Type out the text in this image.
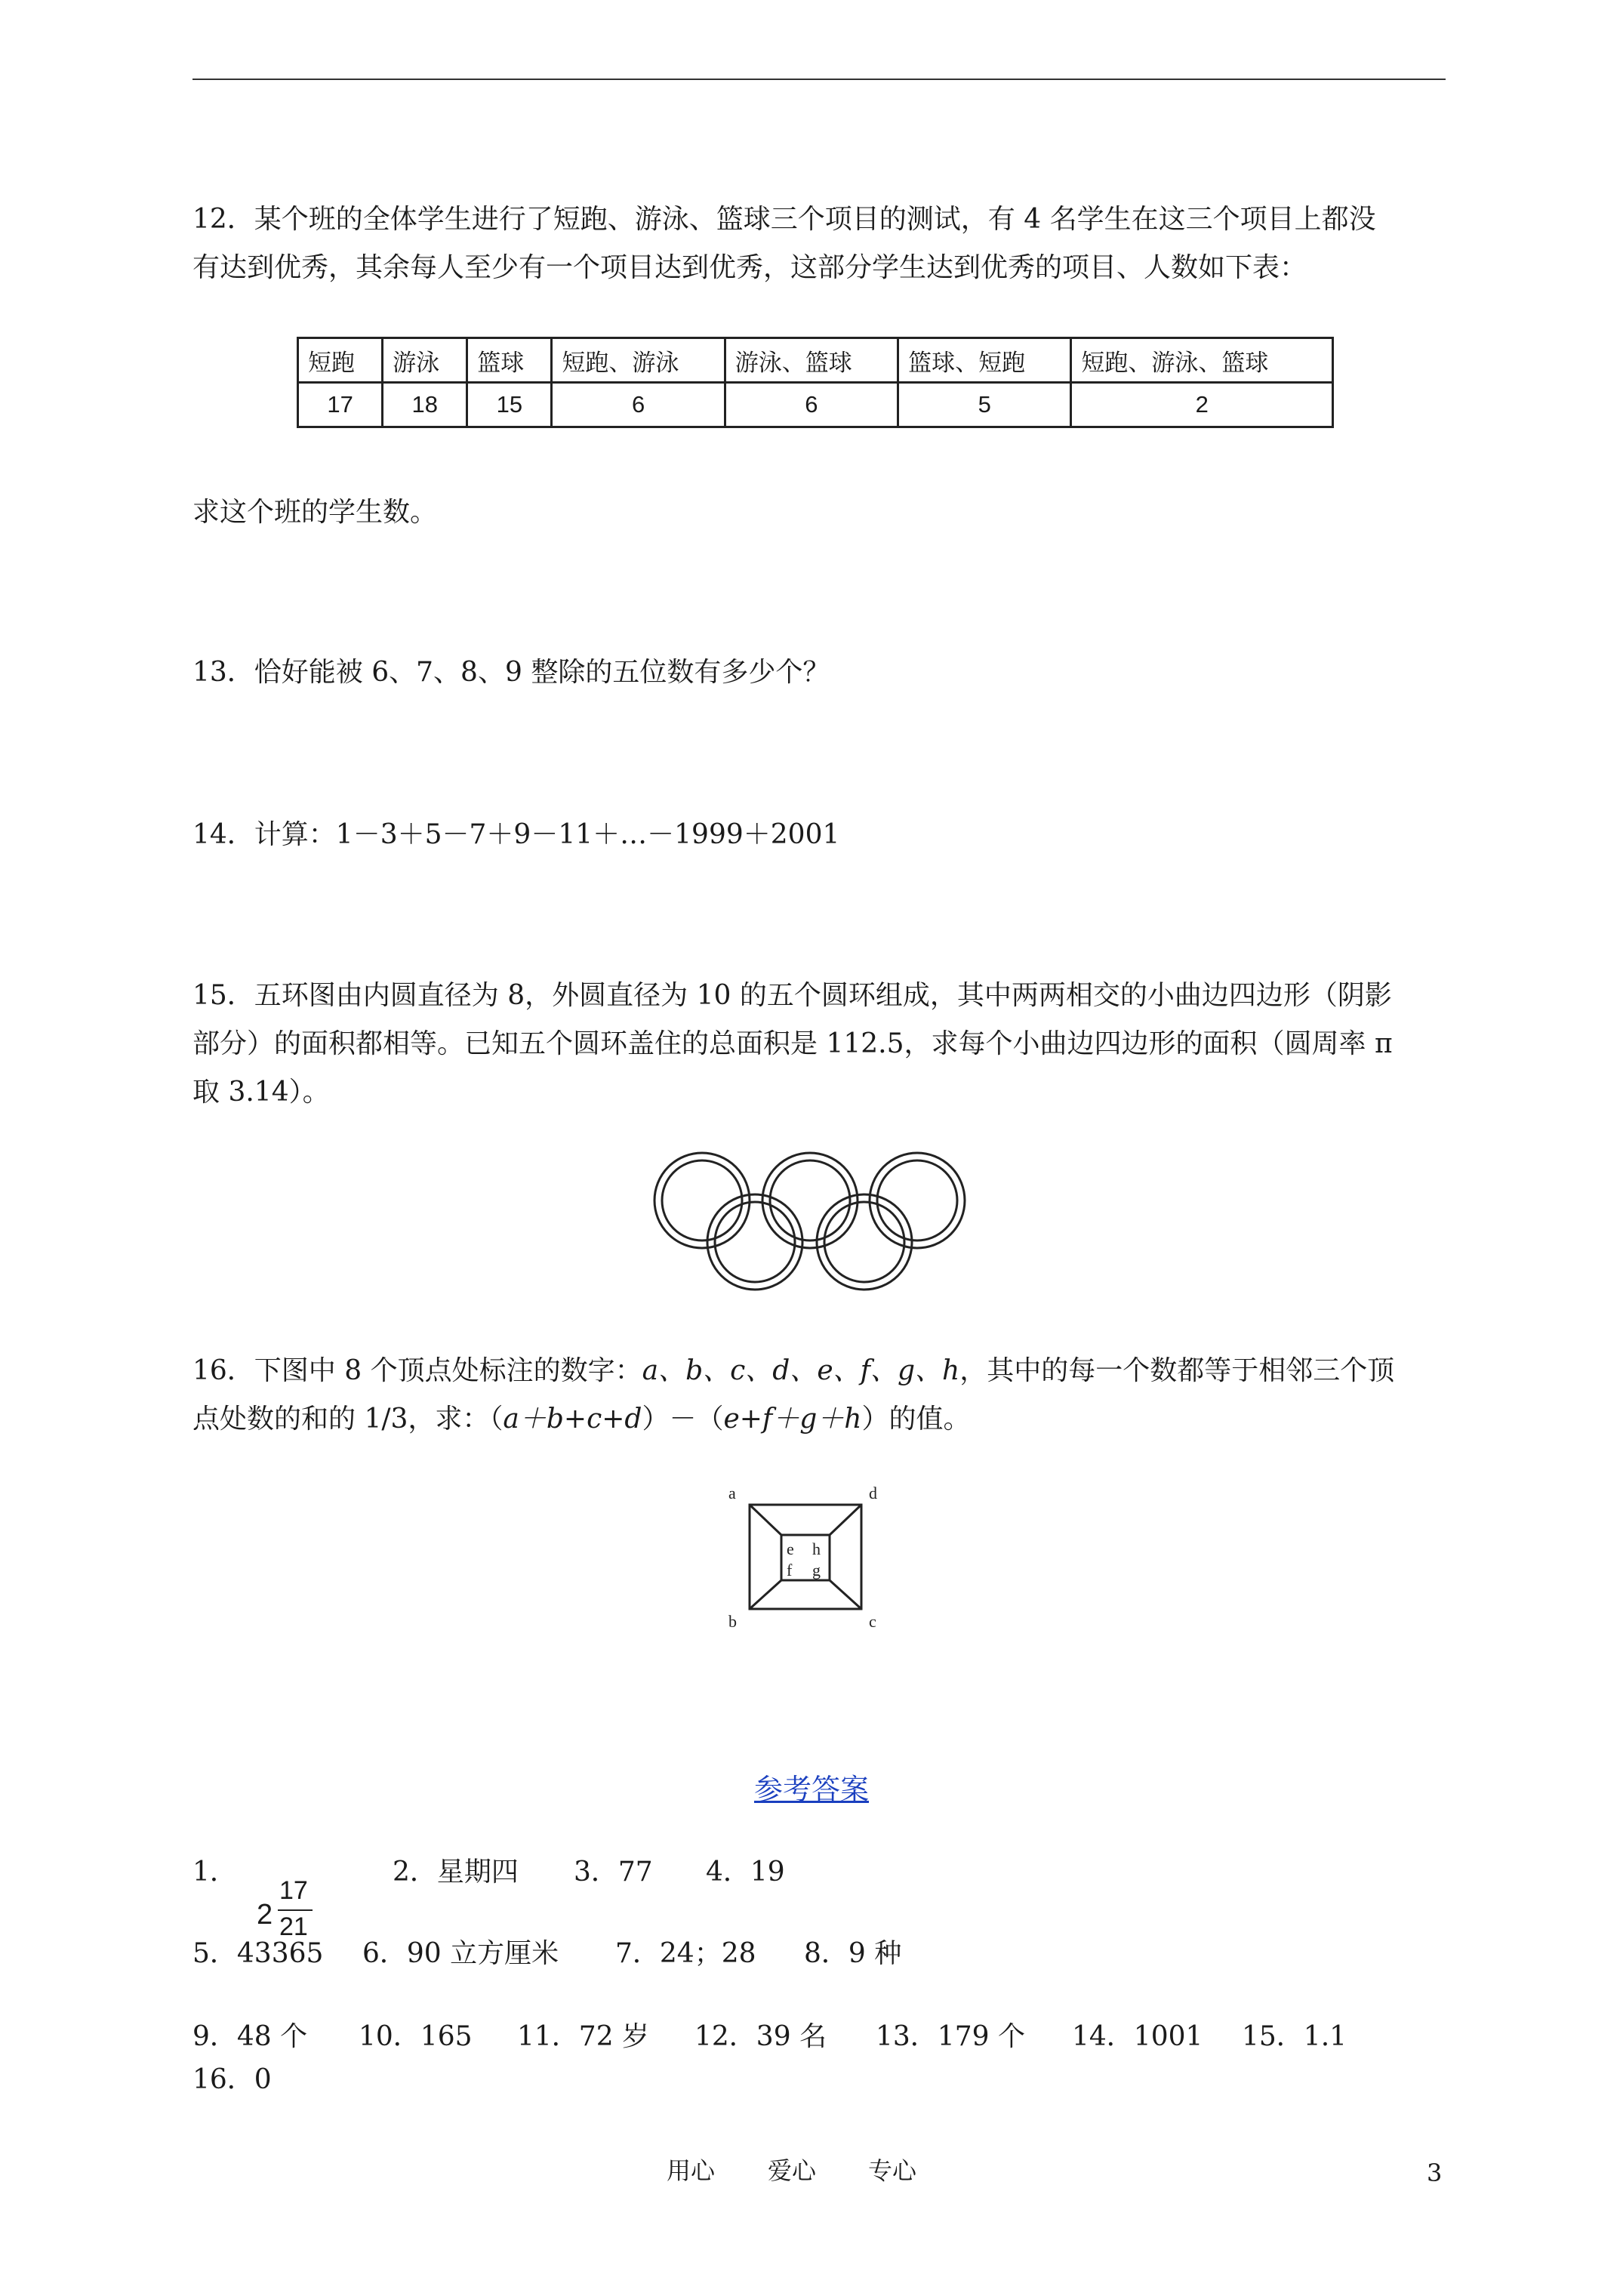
12．某个班的全体学生进行了短跑、游泳、篮球三个项目的测试，有 4 名学生在这三个项目上都没
有达到优秀，其余每人至少有一个项目达到优秀，这部分学生达到优秀的项目、人数如下表：
短跑	游泳	篮球	短跑、游泳	游泳、篮球	篮球、短跑	短跑、游泳、篮球
17	18	15	6	6	5	2
求这个班的学生数。
13．恰好能被 6、7、8、9 整除的五位数有多少个？
14．计算：1－3＋5－7＋9－11＋…－1999＋2001
15．五环图由内圆直径为 8，外圆直径为 10 的五个圆环组成，其中两两相交的小曲边四边形（阴影
部分）的面积都相等。已知五个圆环盖住的总面积是 112.5，求每个小曲边四边形的面积（圆周率 π
取 3.14）。
16．下图中 8 个顶点处标注的数字：a、b、c、d、e、f、g、h，其中的每一个数都等于相邻三个顶
点处数的和的 1/3，求：（a＋b+c+d）－（e+f＋g＋h）的值。
a	d
b	c
e h
f g
参考答案
1．
2
17
21
2．星期四 3．77 4．19
5．43365 6．90 立方厘米 7．24；28 8．9 种
9．48 个 10．165 11．72 岁 12．39 名 13．179 个 14．1001 15．1.1
16．0
用心 爱心 专心	3
